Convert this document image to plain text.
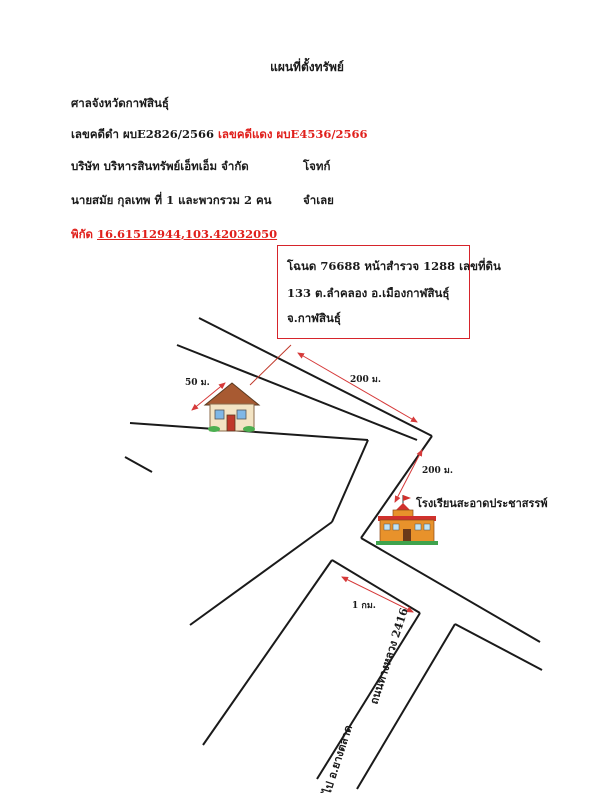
แผนที่ตั้งทรัพย์
ศาลจังหวัดกาฬสินธุ์
เลขคดีดำ ผบE2826/2566 เลขคดีแดง ผบE4536/2566
บริษัท บริหารสินทรัพย์เอ็ทเอ็ม จำกัด	โจทก์
นายสมัย กุลเทพ ที่ 1 และพวกรวม 2 คน	จำเลย
พิกัด 16.61512944,103.42032050
50 ม.	200 ม.
200 ม.
1 กม.
โรงเรียนสะอาดประชาสรรพ์
ถนนทางหลวง 2416
ไป อ.ยางตลาด
โฉนด 76688 หน้าสำรวจ 1288 เลขที่ดิน
133 ต.ลำคลอง อ.เมืองกาฬสินธุ์
จ.กาฬสินธุ์
